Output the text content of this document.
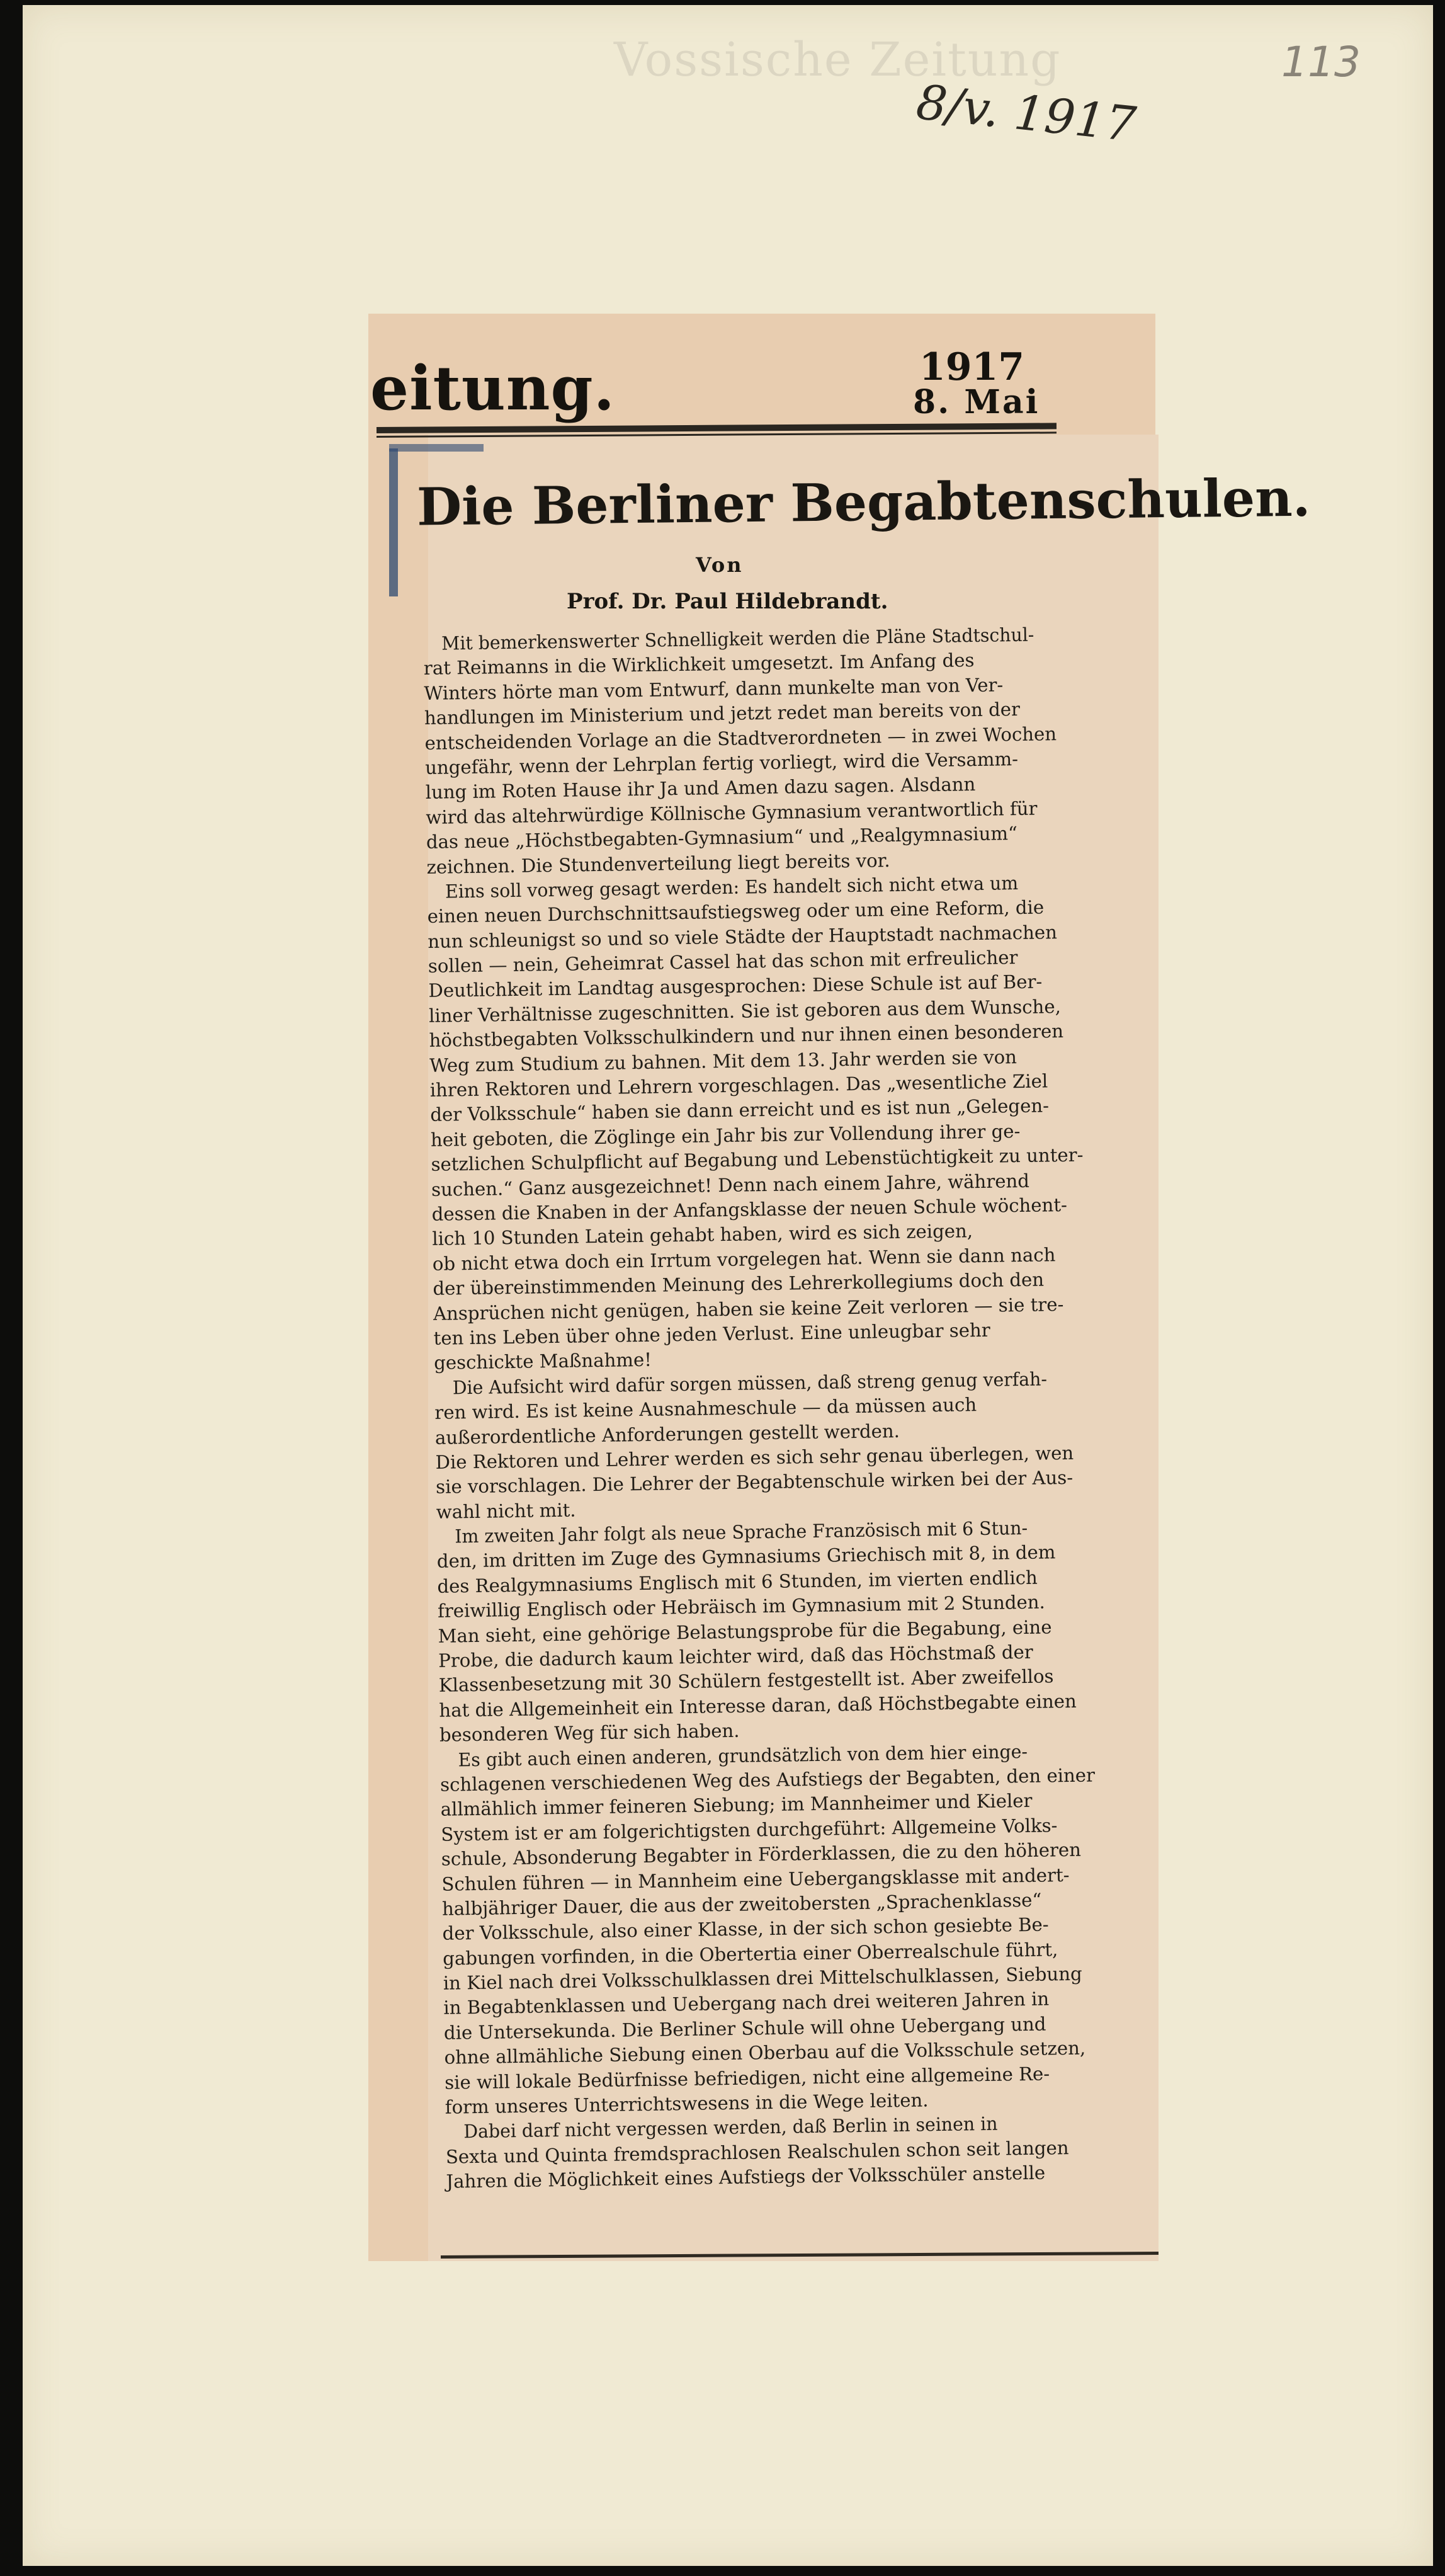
Vossische Zeitung
8/v. 1917
113
eitung.	1917
8. Mai
Die Berliner Begabtenschulen.
Von
Prof. Dr. Paul Hildebrandt.
Mit bemerkenswerter Schnelligkeit werden die Pläne Stadtschul-
rat Reimanns in die Wirklichkeit umgesetzt. Im Anfang des
Winters hörte man vom Entwurf, dann munkelte man von Ver-
handlungen im Ministerium und jetzt redet man bereits von der
entscheidenden Vorlage an die Stadtverordneten — in zwei Wochen
ungefähr, wenn der Lehrplan fertig vorliegt, wird die Versamm-
lung im Roten Hause ihr Ja und Amen dazu sagen. Alsdann
wird das altehrwürdige Köllnische Gymnasium verantwortlich für
das neue „Höchstbegabten-Gymnasium“ und „Realgymnasium“
zeichnen. Die Stundenverteilung liegt bereits vor.
Eins soll vorweg gesagt werden: Es handelt sich nicht etwa um
einen neuen Durchschnittsaufstiegsweg oder um eine Reform, die
nun schleunigst so und so viele Städte der Hauptstadt nachmachen
sollen — nein, Geheimrat Cassel hat das schon mit erfreulicher
Deutlichkeit im Landtag ausgesprochen: Diese Schule ist auf Ber-
liner Verhältnisse zugeschnitten. Sie ist geboren aus dem Wunsche,
höchstbegabten Volksschulkindern und nur ihnen einen besonderen
Weg zum Studium zu bahnen. Mit dem 13. Jahr werden sie von
ihren Rektoren und Lehrern vorgeschlagen. Das „wesentliche Ziel
der Volksschule“ haben sie dann erreicht und es ist nun „Gelegen-
heit geboten, die Zöglinge ein Jahr bis zur Vollendung ihrer ge-
setzlichen Schulpflicht auf Begabung und Lebenstüchtigkeit zu unter-
suchen.“ Ganz ausgezeichnet! Denn nach einem Jahre, während
dessen die Knaben in der Anfangsklasse der neuen Schule wöchent-
lich 10 Stunden Latein gehabt haben, wird es sich zeigen,
ob nicht etwa doch ein Irrtum vorgelegen hat. Wenn sie dann nach
der übereinstimmenden Meinung des Lehrerkollegiums doch den
Ansprüchen nicht genügen, haben sie keine Zeit verloren — sie tre-
ten ins Leben über ohne jeden Verlust. Eine unleugbar sehr
geschickte Maßnahme!
Die Aufsicht wird dafür sorgen müssen, daß streng genug verfah-
ren wird. Es ist keine Ausnahmeschule — da müssen auch
außerordentliche Anforderungen gestellt werden.
Die Rektoren und Lehrer werden es sich sehr genau überlegen, wen
sie vorschlagen. Die Lehrer der Begabtenschule wirken bei der Aus-
wahl nicht mit.
Im zweiten Jahr folgt als neue Sprache Französisch mit 6 Stun-
den, im dritten im Zuge des Gymnasiums Griechisch mit 8, in dem
des Realgymnasiums Englisch mit 6 Stunden, im vierten endlich
freiwillig Englisch oder Hebräisch im Gymnasium mit 2 Stunden.
Man sieht, eine gehörige Belastungsprobe für die Begabung, eine
Probe, die dadurch kaum leichter wird, daß das Höchstmaß der
Klassenbesetzung mit 30 Schülern festgestellt ist. Aber zweifellos
hat die Allgemeinheit ein Interesse daran, daß Höchstbegabte einen
besonderen Weg für sich haben.
Es gibt auch einen anderen, grundsätzlich von dem hier einge-
schlagenen verschiedenen Weg des Aufstiegs der Begabten, den einer
allmählich immer feineren Siebung; im Mannheimer und Kieler
System ist er am folgerichtigsten durchgeführt: Allgemeine Volks-
schule, Absonderung Begabter in Förderklassen, die zu den höheren
Schulen führen — in Mannheim eine Uebergangsklasse mit andert-
halbjähriger Dauer, die aus der zweitobersten „Sprachenklasse“
der Volksschule, also einer Klasse, in der sich schon gesiebte Be-
gabungen vorfinden, in die Obertertia einer Oberrealschule führt,
in Kiel nach drei Volksschulklassen drei Mittelschulklassen, Siebung
in Begabtenklassen und Uebergang nach drei weiteren Jahren in
die Untersekunda. Die Berliner Schule will ohne Uebergang und
ohne allmähliche Siebung einen Oberbau auf die Volksschule setzen,
sie will lokale Bedürfnisse befriedigen, nicht eine allgemeine Re-
form unseres Unterrichtswesens in die Wege leiten.
Dabei darf nicht vergessen werden, daß Berlin in seinen in
Sexta und Quinta fremdsprachlosen Realschulen schon seit langen
Jahren die Möglichkeit eines Aufstiegs der Volksschüler anstelle
